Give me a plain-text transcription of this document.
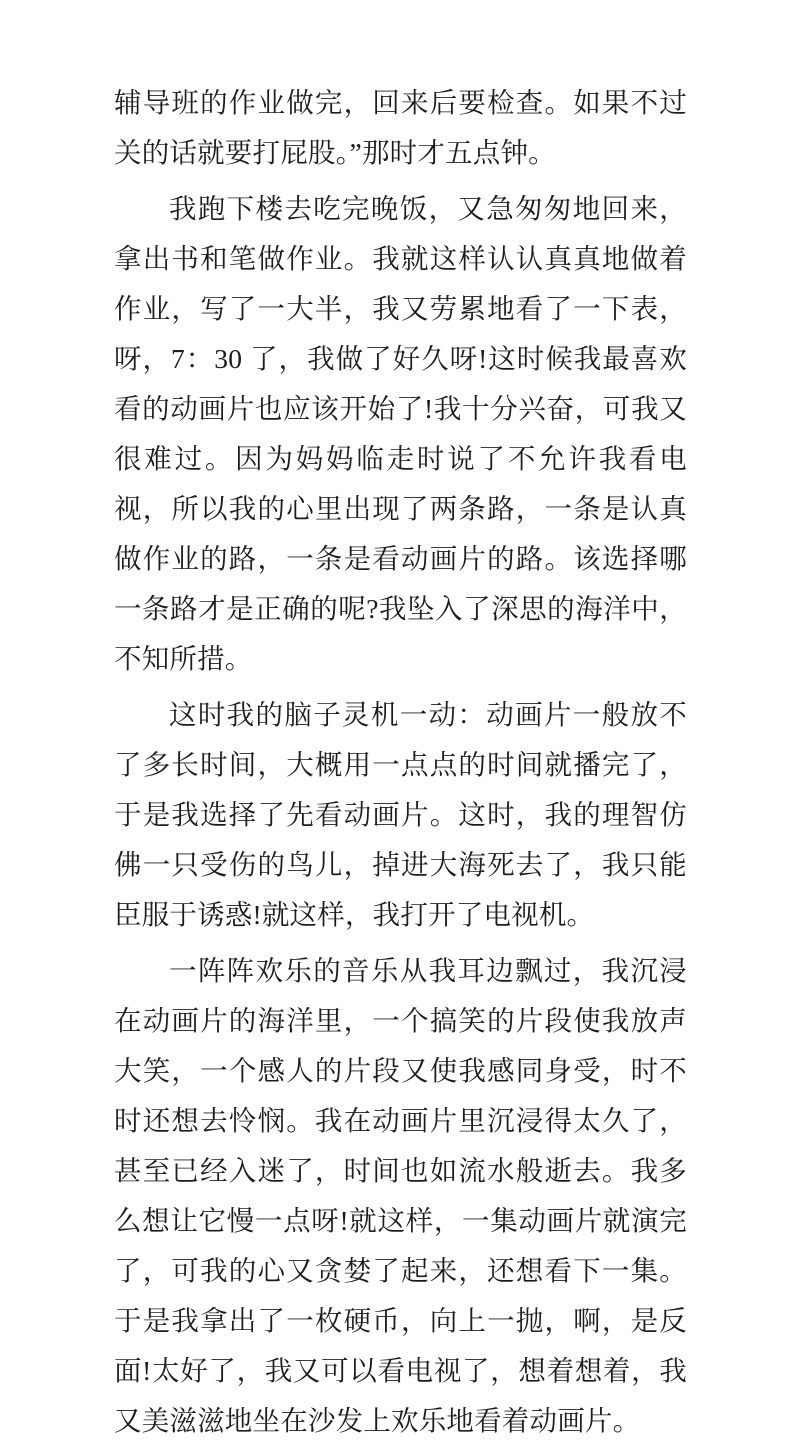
辅导班的作业做完，回来后要检查。如果不过关的话就要打屁股。”那时才五点钟。

我跑下楼去吃完晚饭，又急匆匆地回来，拿出书和笔做作业。我就这样认认真真地做着作业，写了一大半，我又劳累地看了一下表，呀，7：30 了，我做了好久呀!这时候我最喜欢看的动画片也应该开始了!我十分兴奋，可我又很难过。因为妈妈临走时说了不允许我看电视，所以我的心里出现了两条路，一条是认真做作业的路，一条是看动画片的路。该选择哪一条路才是正确的呢?我坠入了深思的海洋中，不知所措。

这时我的脑子灵机一动：动画片一般放不了多长时间，大概用一点点的时间就播完了，于是我选择了先看动画片。这时，我的理智仿佛一只受伤的鸟儿，掉进大海死去了，我只能臣服于诱惑!就这样，我打开了电视机。

一阵阵欢乐的音乐从我耳边飘过，我沉浸在动画片的海洋里，一个搞笑的片段使我放声大笑，一个感人的片段又使我感同身受，时不时还想去怜悯。我在动画片里沉浸得太久了，甚至已经入迷了，时间也如流水般逝去。我多么想让它慢一点呀!就这样，一集动画片就演完了，可我的心又贪婪了起来，还想看下一集。于是我拿出了一枚硬币，向上一抛，啊，是反面!太好了，我又可以看电视了，想着想着，我又美滋滋地坐在沙发上欢乐地看着动画片。
